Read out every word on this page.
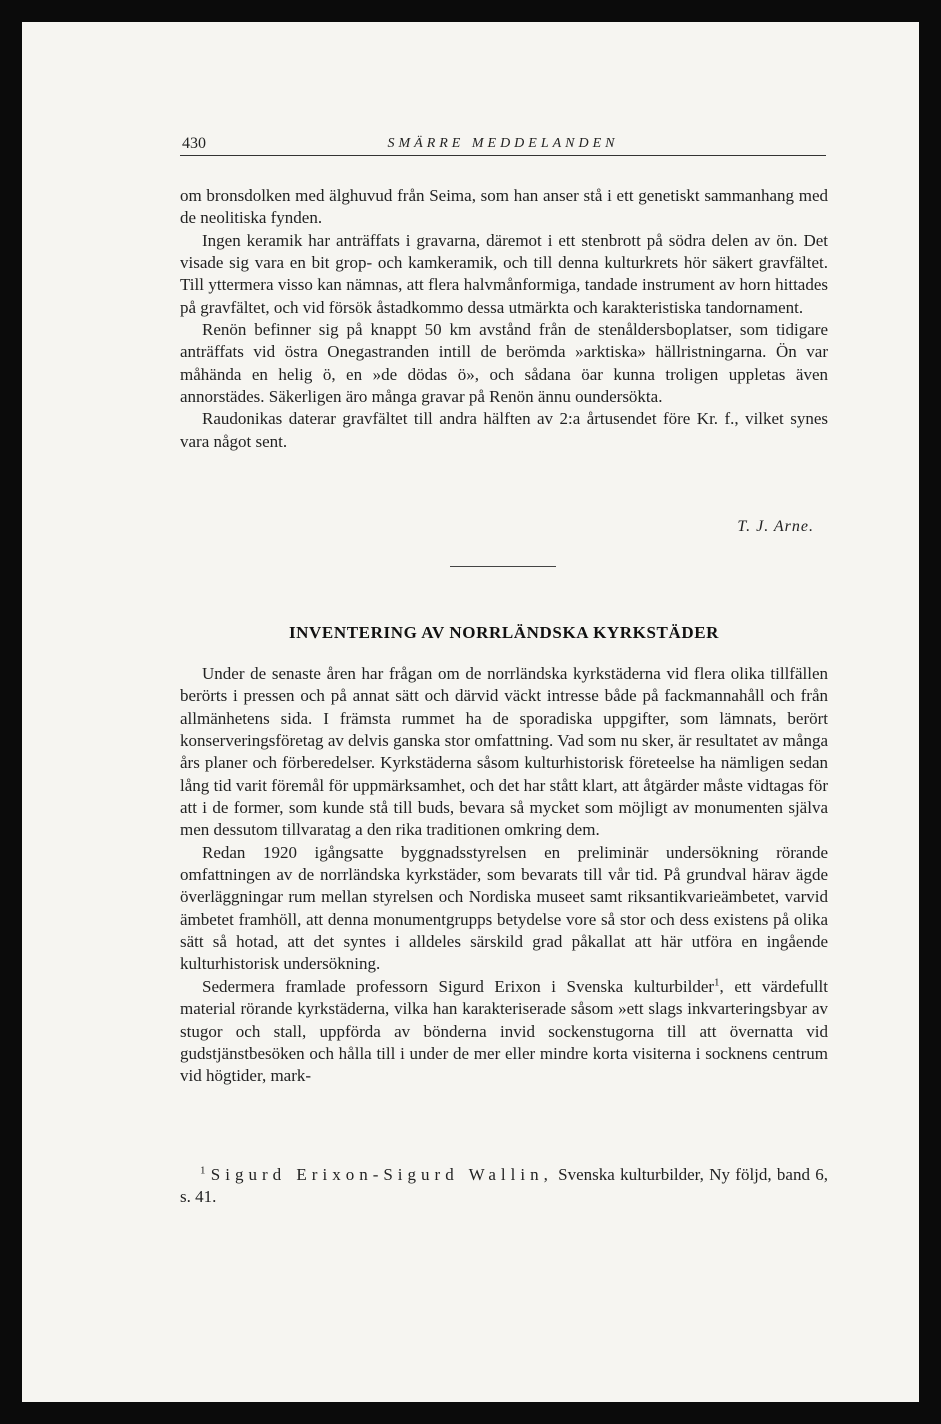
430	SMÄRRE MEDDELANDEN

om bronsdolken med älghuvud från Seima, som han anser stå i ett genetiskt sammanhang med de neolitiska fynden.

Ingen keramik har anträffats i gravarna, däremot i ett stenbrott på södra delen av ön. Det visade sig vara en bit grop- och kamkeramik, och till denna kulturkrets hör säkert gravfältet. Till yttermera visso kan nämnas, att flera halvmånformiga, tandade instrument av horn hittades på gravfältet, och vid försök åstadkommo dessa utmärkta och karakteristiska tandornament.

Renön befinner sig på knappt 50 km avstånd från de stenåldersboplatser, som tidigare anträffats vid östra Onegastranden intill de berömda »arktiska» hällristningarna. Ön var måhända en helig ö, en »de dödas ö», och sådana öar kunna troligen uppletas även annorstädes. Säkerligen äro många gravar på Renön ännu oundersökta.

Raudonikas daterar gravfältet till andra hälften av 2:a årtusendet före Kr. f., vilket synes vara något sent.

T. J. Arne.
INVENTERING AV NORRLÄNDSKA KYRKSTÄDER

Under de senaste åren har frågan om de norrländska kyrkstäderna vid flera olika tillfällen berörts i pressen och på annat sätt och därvid väckt intresse både på fackmannahåll och från allmänhetens sida. I främsta rummet ha de sporadiska uppgifter, som lämnats, berört konserveringsföretag av delvis ganska stor omfattning. Vad som nu sker, är resultatet av många års planer och förberedelser. Kyrkstäderna såsom kulturhistorisk företeelse ha nämligen sedan lång tid varit föremål för uppmärksamhet, och det har stått klart, att åtgärder måste vidtagas för att i de former, som kunde stå till buds, bevara så mycket som möjligt av monumenten själva men dessutom tillvaratag a den rika traditionen omkring dem.

Redan 1920 igångsatte byggnadsstyrelsen en preliminär undersökning rörande omfattningen av de norrländska kyrkstäder, som bevarats till vår tid. På grundval härav ägde överläggningar rum mellan styrelsen och Nordiska museet samt riksantikvarieämbetet, varvid ämbetet framhöll, att denna monumentgrupps betydelse vore så stor och dess existens på olika sätt så hotad, att det syntes i alldeles särskild grad påkallat att här utföra en ingående kulturhistorisk undersökning.

Sedermera framlade professorn Sigurd Erixon i Svenska kulturbilder$^1$, ett värdefullt material rörande kyrkstäderna, vilka han karakteriserade såsom »ett slags inkvarteringsbyar av stugor och stall, uppförda av bönderna invid sockenstugorna till att övernatta vid gudstjänstbesöken och hålla till i under de mer eller mindre korta visiterna i socknens centrum vid högtider, mark-

$^1$ Sigurd Erixon-Sigurd Wallin, Svenska kulturbilder, Ny följd, band 6, s. 41.
